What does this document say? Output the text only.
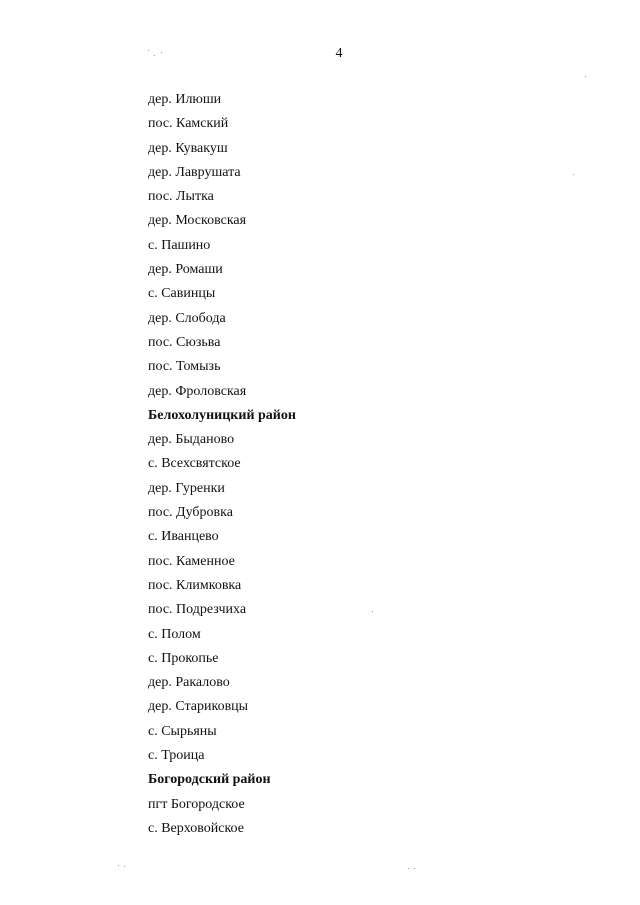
4
дер. Илюши
пос. Камский
дер. Кувакуш
дер. Лаврушата
пос. Лытка
дер. Московская
с. Пашино
дер. Ромаши
с. Савинцы
дер. Слобода
пос. Сюзьва
пос. Томызь
дер. Фроловская
Белохолуницкий район
дер. Быданово
с. Всехсвятское
дер. Гуренки
пос. Дубровка
с. Иванцево
пос. Каменное
пос. Климковка
пос. Подрезчиха
с. Полом
с. Прокопье
дер. Ракалово
дер. Стариковцы
с. Сырьяны
с. Троица
Богородский район
пгт Богородское
с. Верховойское
